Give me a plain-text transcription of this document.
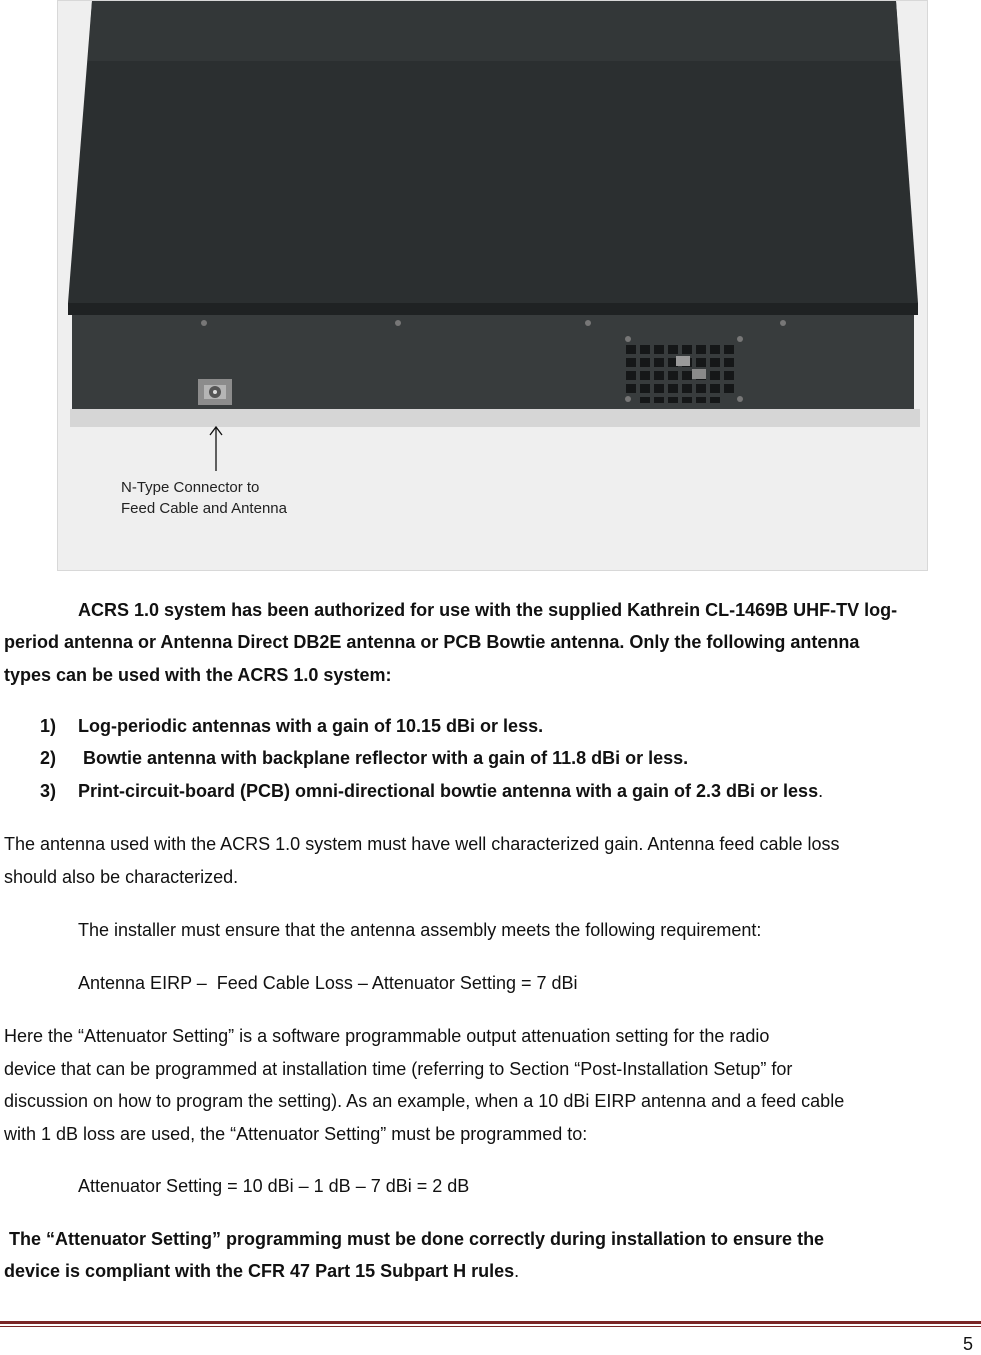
N-Type Connector to
Feed Cable and Antenna
ACRS 1.0 system has been authorized for use with the supplied Kathrein CL-1469B UHF-TV log-
period antenna or Antenna Direct DB2E antenna or PCB Bowtie antenna. Only the following antenna
types can be used with the ACRS 1.0 system:
1) Log-periodic antennas with a gain of 10.15 dBi or less.
2) Bowtie antenna with backplane reflector with a gain of 11.8 dBi or less.
3) Print-circuit-board (PCB) omni-directional bowtie antenna with a gain of 2.3 dBi or less.
The antenna used with the ACRS 1.0 system must have well characterized gain. Antenna feed cable loss
should also be characterized.
The installer must ensure that the antenna assembly meets the following requirement:
Antenna EIRP –  Feed Cable Loss – Attenuator Setting = 7 dBi
Here the “Attenuator Setting” is a software programmable output attenuation setting for the radio
device that can be programmed at installation time (referring to Section “Post-Installation Setup” for
discussion on how to program the setting). As an example, when a 10 dBi EIRP antenna and a feed cable
with 1 dB loss are used, the “Attenuator Setting” must be programmed to:
Attenuator Setting = 10 dBi – 1 dB – 7 dBi = 2 dB
The “Attenuator Setting” programming must be done correctly during installation to ensure the
device is compliant with the CFR 47 Part 15 Subpart H rules.
5
